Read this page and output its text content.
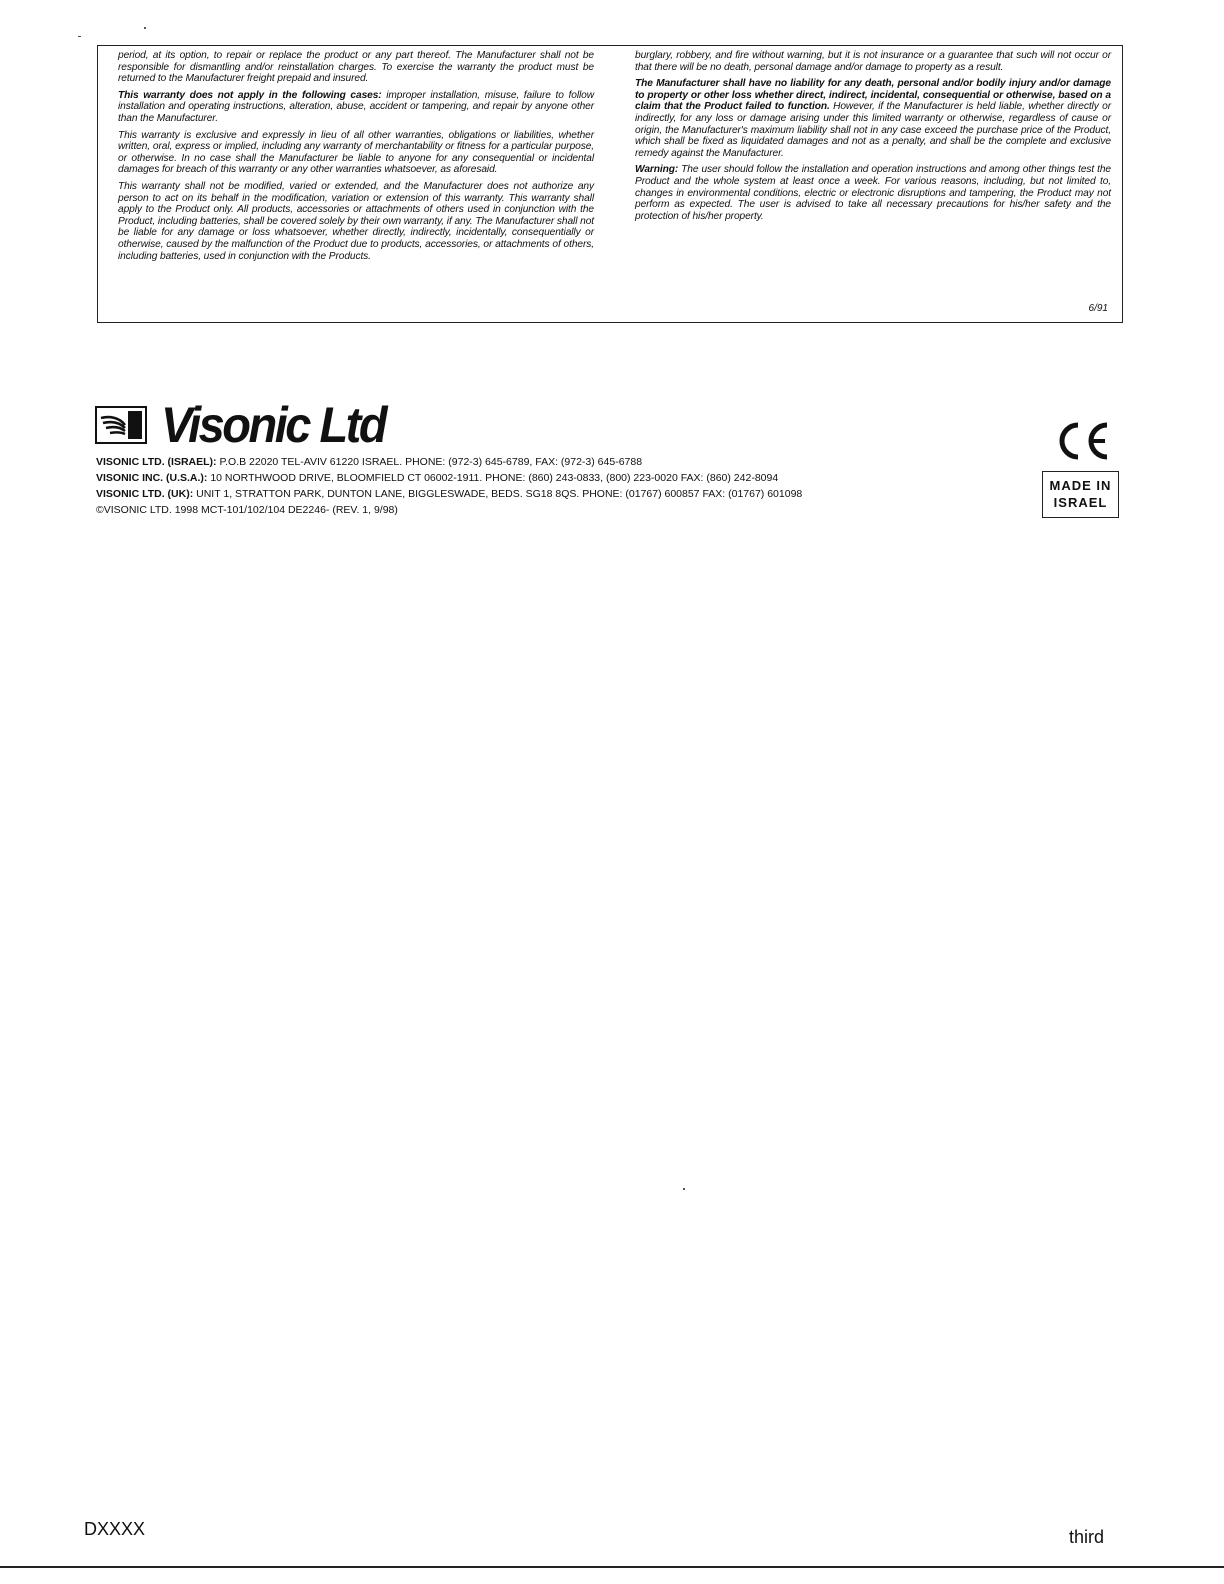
period, at its option, to repair or replace the product or any part thereof. The Manufacturer shall not be responsible for dismantling and/or reinstallation charges. To exercise the warranty the product must be returned to the Manufacturer freight prepaid and insured.

This warranty does not apply in the following cases: improper installation, misuse, failure to follow installation and operating instructions, alteration, abuse, accident or tampering, and repair by anyone other than the Manufacturer.

This warranty is exclusive and expressly in lieu of all other warranties, obligations or liabilities, whether written, oral, express or implied, including any warranty of merchantability or fitness for a particular purpose, or otherwise. In no case shall the Manufacturer be liable to anyone for any consequential or incidental damages for breach of this warranty or any other warranties whatsoever, as aforesaid.

This warranty shall not be modified, varied or extended, and the Manufacturer does not authorize any person to act on its behalf in the modification, variation or extension of this warranty. This warranty shall apply to the Product only. All products, accessories or attachments of others used in conjunction with the Product, including batteries, shall be covered solely by their own warranty, if any. The Manufacturer shall not be liable for any damage or loss whatsoever, whether directly, indirectly, incidentally, consequentially or otherwise, caused by the malfunction of the Product due to products, accessories, or attachments of others, including batteries, used in conjunction with the Products.

burglary, robbery, and fire without warning, but it is not insurance or a guarantee that such will not occur or that there will be no death, personal damage and/or damage to property as a result.

The Manufacturer shall have no liability for any death, personal and/or bodily injury and/or damage to property or other loss whether direct, indirect, incidental, consequential or otherwise, based on a claim that the Product failed to function. However, if the Manufacturer is held liable, whether directly or indirectly, for any loss or damage arising under this limited warranty or otherwise, regardless of cause or origin, the Manufacturer's maximum liability shall not in any case exceed the purchase price of the Product, which shall be fixed as liquidated damages and not as a penalty, and shall be the complete and exclusive remedy against the Manufacturer.

Warning: The user should follow the installation and operation instructions and among other things test the Product and the whole system at least once a week. For various reasons, including, but not limited to, changes in environmental conditions, electric or electronic disruptions and tampering, the Product may not perform as expected. The user is advised to take all necessary precautions for his/her safety and the protection of his/her property.

6/91
Visonic Ltd
VISONIC LTD. (ISRAEL): P.O.B 22020 TEL-AVIV 61220 ISRAEL. PHONE: (972-3) 645-6789, FAX: (972-3) 645-6788
VISONIC INC. (U.S.A.): 10 NORTHWOOD DRIVE, BLOOMFIELD CT 06002-1911. PHONE: (860) 243-0833, (800) 223-0020 FAX: (860) 242-8094
VISONIC LTD. (UK): UNIT 1, STRATTON PARK, DUNTON LANE, BIGGLESWADE, BEDS. SG18 8QS. PHONE: (01767) 600857 FAX: (01767) 601098
©VISONIC LTD. 1998 MCT-101/102/104 DE2246- (REV. 1, 9/98)
MADE IN
ISRAEL
DXXXX	third
